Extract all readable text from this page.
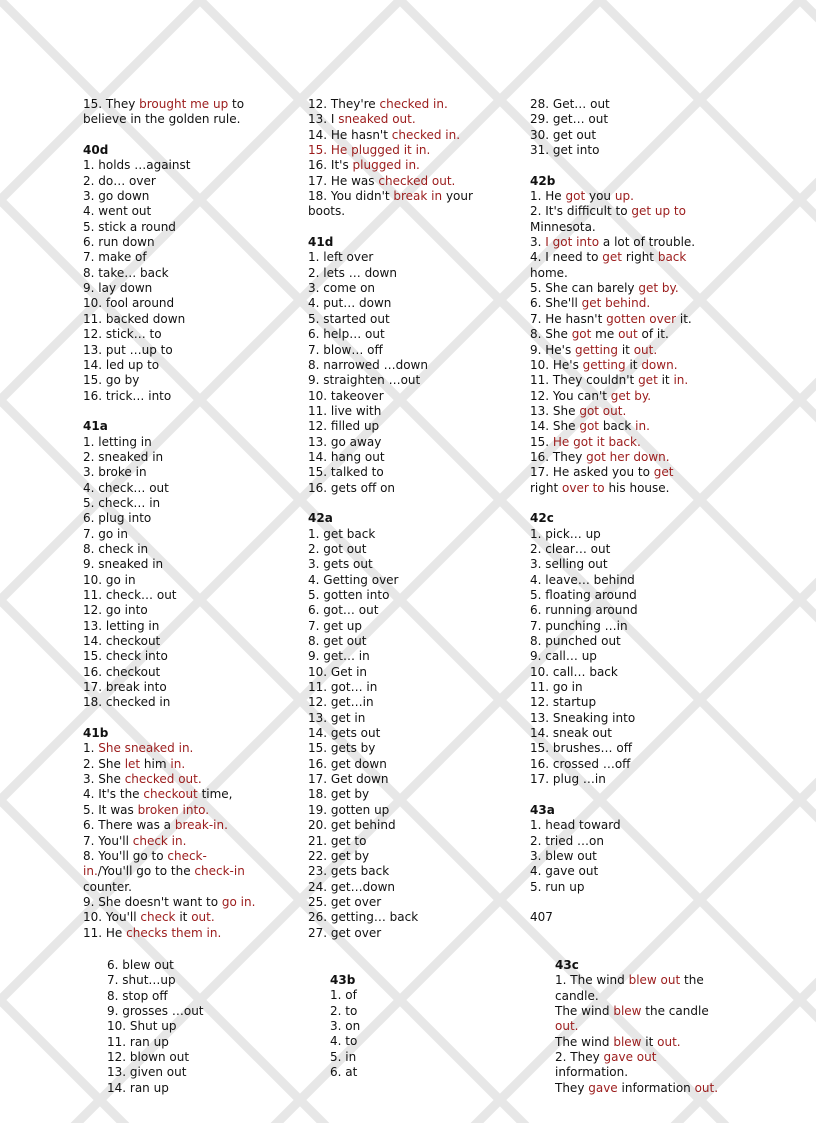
15. They brought me up to
believe in the golden rule.
40d
1. holds …against
2. do… over
3. go down
4. went out
5. stick a round
6. run down
7. make of
8. take… back
9. lay down
10. fool around
11. backed down
12. stick… to
13. put …up to
14. led up to
15. go by
16. trick… into
41a
1. letting in
2. sneaked in
3. broke in
4. check… out
5. check… in
6. plug into
7. go in
8. check in
9. sneaked in
10. go in
11. check… out
12. go into
13. letting in
14. checkout
15. check into
16. checkout
17. break into
18. checked in
41b
1. She sneaked in.
2. She let him in.
3. She checked out.
4. It's the checkout time,
5. It was broken into.
6. There was a break-in.
7. You'll check in.
8. You'll go to check-
in./You'll go to the check-in
counter.
9. She doesn't want to go in.
10. You'll check it out.
11. He checks them in.
12. They're checked in.
13. I sneaked out.
14. He hasn't checked in.
15. He plugged it in.
16. It's plugged in.
17. He was checked out.
18. You didn't break in your
boots.
41d
1. left over
2. lets … down
3. come on
4. put… down
5. started out
6. help… out
7. blow… off
8. narrowed …down
9. straighten …out
10. takeover
11. live with
12. filled up
13. go away
14. hang out
15. talked to
16. gets off on
42a
1. get back
2. got out
3. gets out
4. Getting over
5. gotten into
6. got… out
7. get up
8. get out
9. get… in
10. Get in
11. got… in
12. get…in
13. get in
14. gets out
15. gets by
16. get down
17. Get down
18. get by
19. gotten up
20. get behind
21. get to
22. get by
23. gets back
24. get…down
25. get over
26. getting… back
27. get over
28. Get… out
29. get… out
30. get out
31. get into
42b
1. He got you up.
2. It's difficult to get up to
Minnesota.
3. I got into a lot of trouble.
4. I need to get right back
home.
5. She can barely get by.
6. She'll get behind.
7. He hasn't gotten over it.
8. She got me out of it.
9. He's getting it out.
10. He's getting it down.
11. They couldn't get it in.
12. You can't get by.
13. She got out.
14. She got back in.
15. He got it back.
16. They got her down.
17. He asked you to get
right over to his house.
42c
1. pick… up
2. clear… out
3. selling out
4. leave… behind
5. floating around
6. running around
7. punching …in
8. punched out
9. call… up
10. call… back
11. go in
12. startup
13. Sneaking into
14. sneak out
15. brushes… off
16. crossed …off
17. plug …in
43a
1. head toward
2. tried …on
3. blew out
4. gave out
5. run up
407
6. blew out
7. shut…up
8. stop off
9. grosses …out
10. Shut up
11. ran up
12. blown out
13. given out
14. ran up
43b
1. of
2. to
3. on
4. to
5. in
6. at
43c
1. The wind blew out the
candle.
The wind blew the candle
out.
The wind blew it out.
2. They gave out
information.
They gave information out.
